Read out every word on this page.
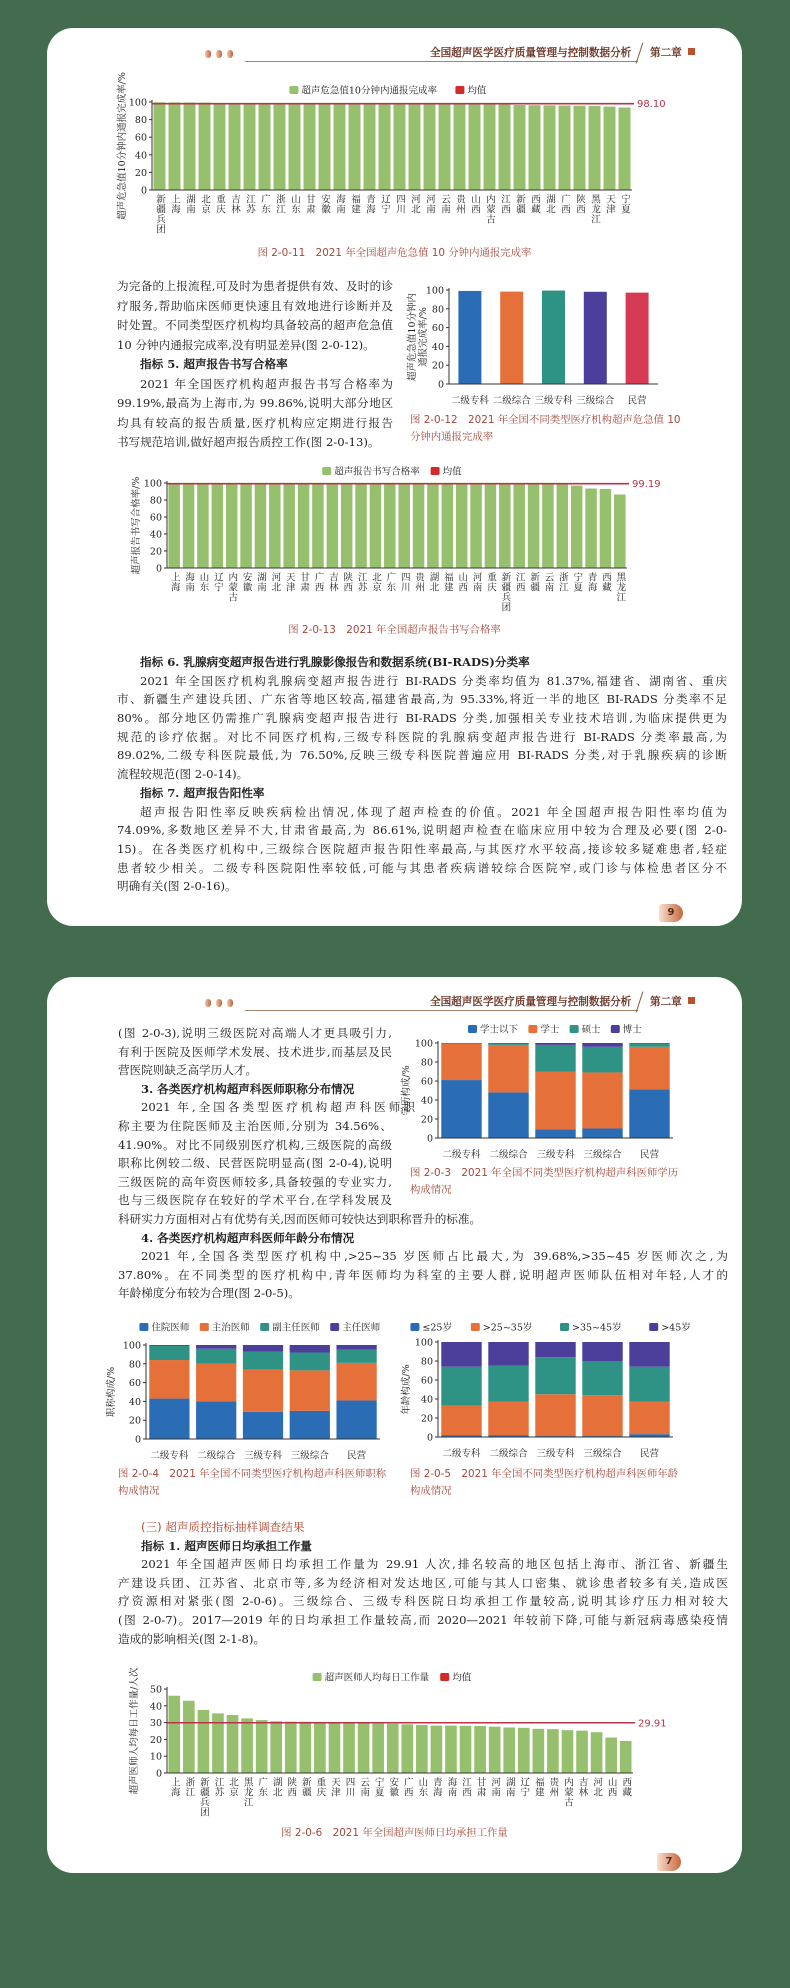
全国超声医学医疗质量管理与控制数据分析 第二章
新疆兵团 上海 湖南 北京 重庆 吉林 江苏 广东 浙江 山东 甘肃 安徽 海南 福建 青海 辽宁 四川 河北 河南 云南 贵州 山西 内蒙古 江西 新疆 西藏 湖北 广西 陕西 黑龙江 天津 宁夏
0
20
40
60
80
100
超声危急值10分钟内通报完成率/%	98.10
超声危急值10分钟内通报完成率	均值
图 2-0-11　2021 年全国超声危急值 10 分钟内通报完成率
为完备的上报流程,可及时为患者提供有效、及时的诊
疗服务,帮助临床医师更快速且有效地进行诊断并及
时处置。不同类型医疗机构均具备较高的超声危急值
10 分钟内通报完成率,没有明显差异(图 2-0-12)。
指标 5. 超声报告书写合格率
2021 年全国医疗机构超声报告书写合格率为
99.19%,最高为上海市,为 99.86%,说明大部分地区
均具有较高的报告质量,医疗机构应定期进行报告
书写规范培训,做好超声报告质控工作(图 2-0-13)。
二级专科 二级综合 三级专科 三级综合 民营
0
20
40
60
80
100
超声危急值10分钟内 通报完成率/%
图 2-0-12　2021 年全国不同类型医疗机构超声危急值 10
分钟内通报完成率
上海 海南 山东 辽宁 内蒙古 安徽 湖南 河北 天津 甘肃 广西 吉林 陕西 江苏 北京 广东 四川 贵州 湖北 福建 山西 河南 重庆 新疆兵团 江西 新疆 云南 浙江 宁夏 青海 西藏 黑龙江
0
20
40
60
80
100
超声报告书写合格率/%	99.19
超声报告书写合格率 均值
图 2-0-13　2021 年全国超声报告书写合格率
指标 6. 乳腺病变超声报告进行乳腺影像报告和数据系统(BI-RADS)分类率
2021 年全国医疗机构乳腺病变超声报告进行 BI-RADS 分类率均值为 81.37%,福建省、湖南省、重庆
市、新疆生产建设兵团、广东省等地区较高,福建省最高,为 95.33%,将近一半的地区 BI-RADS 分类率不足
80%。部分地区仍需推广乳腺病变超声报告进行 BI-RADS 分类,加强相关专业技术培训,为临床提供更为
规范的诊疗依据。对比不同医疗机构,三级专科医院的乳腺病变超声报告进行 BI-RADS 分类率最高,为
89.02%,二级专科医院最低,为 76.50%,反映三级专科医院普遍应用 BI-RADS 分类,对于乳腺疾病的诊断
流程较规范(图 2-0-14)。
指标 7. 超声报告阳性率
超声报告阳性率反映疾病检出情况,体现了超声检查的价值。2021 年全国超声报告阳性率均值为
74.09%,多数地区差异不大,甘肃省最高,为 86.61%,说明超声检查在临床应用中较为合理及必要(图 2-0-
15)。在各类医疗机构中,三级综合医院超声报告阳性率最高,与其医疗水平较高,接诊较多疑难患者,轻症
患者较少相关。二级专科医院阳性率较低,可能与其患者疾病谱较综合医院窄,或门诊与体检患者区分不
明确有关(图 2-0-16)。
9
全国超声医学医疗质量管理与控制数据分析 第二章
(图 2-0-3),说明三级医院对高端人才更具吸引力,
有利于医院及医师学术发展、技术进步,而基层及民
营医院则缺乏高学历人才。
3. 各类医疗机构超声科医师职称分布情况
2021 年,全国各类型医疗机构超声科医师职
称主要为住院医师及主治医师,分别为 34.56%、
41.90%。对比不同级别医疗机构,三级医院的高级
职称比例较二级、民营医院明显高(图 2-0-4),说明
三级医院的高年资医师较多,具备较强的专业实力,
也与三级医院存在较好的学术平台,在学科发展及
科研实力方面相对占有优势有关,因而医师可较快达到职称晋升的标准。
4. 各类医疗机构超声科医师年龄分布情况
2021 年,全国各类型医疗机构中,>25~35 岁医师占比最大,为 39.68%,>35~45 岁医师次之,为
37.80%。在不同类型的医疗机构中,青年医师均为科室的主要人群,说明超声医师队伍相对年轻,人才的
年龄梯度分布较为合理(图 2-0-5)。
二级专科 二级综合 三级专科 三级综合 民营
0
20
40
60
80
100
学历构成/%
学士以下 学士 硕士 博士
图 2-0-3　2021 年全国不同类型医疗机构超声科医师学历
构成情况
二级专科 二级综合 三级专科 三级综合 民营
0
20
40
60
80
100
职称构成/%
住院医师 主治医师 副主任医师 主任医师
图 2-0-4　2021 年全国不同类型医疗机构超声科医师职称
构成情况
二级专科 二级综合 三级专科 三级综合 民营
0
20
40
60
80
100
年龄构成/%
≤25岁	>25~35岁	>35~45岁	>45岁
图 2-0-5　2021 年全国不同类型医疗机构超声科医师年龄
构成情况
(三) 超声质控指标抽样调查结果
指标 1. 超声医师日均承担工作量
2021 年全国超声医师日均承担工作量为 29.91 人次,排名较高的地区包括上海市、浙江省、新疆生
产建设兵团、江苏省、北京市等,多为经济相对发达地区,可能与其人口密集、就诊患者较多有关,造成医
疗资源相对紧张(图 2-0-6)。三级综合、三级专科医院日均承担工作量较高,说明其诊疗压力相对较大
(图 2-0-7)。2017—2019 年的日均承担工作量较高,而 2020—2021 年较前下降,可能与新冠病毒感染疫情
造成的影响相关(图 2-1-8)。
上海 浙江 新疆兵团 江苏 北京 黑龙江 广东 湖北 陕西 新疆 重庆 天津 四川 云南 宁夏 安徽 广西 山东 青海 海南 江西 甘肃 河南 湖南 辽宁 福建 贵州 内蒙古 吉林 河北 山西 西藏
0
10
20
30
40
50
超声医师人均每日工作量/人次	29.91
超声医师人均每日工作量 均值
图 2-0-6　2021 年全国超声医师日均承担工作量
7
